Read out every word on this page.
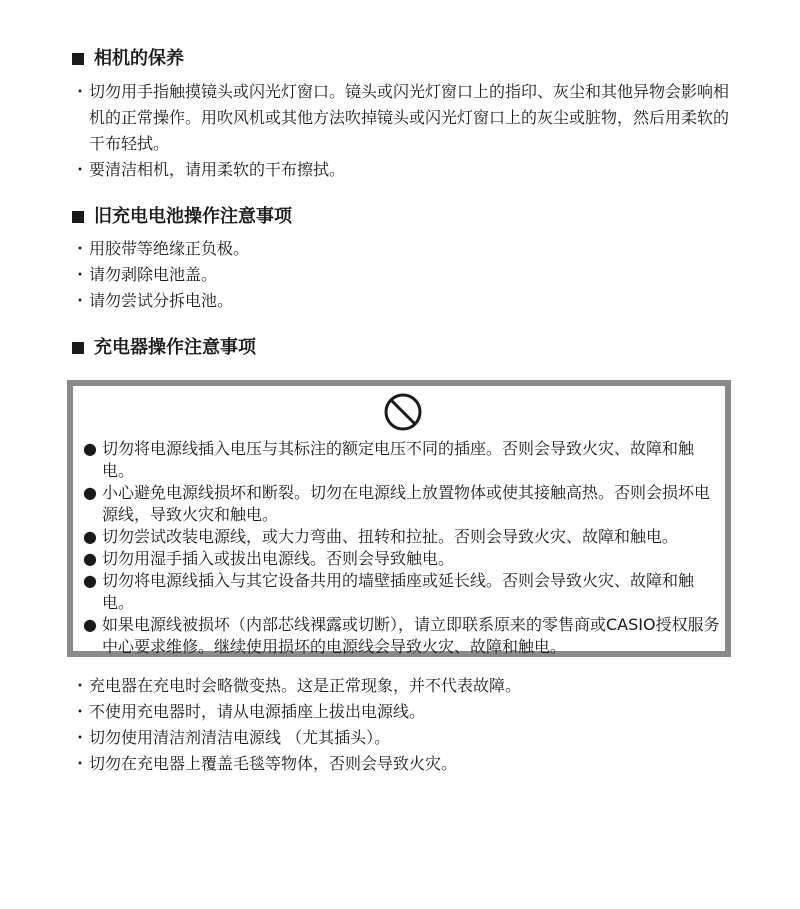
相机的保养
・ 切勿用手指触摸镜头或闪光灯窗口。镜头或闪光灯窗口上的指印、灰尘和其他异物会影响相机的正常操作。用吹风机或其他方法吹掉镜头或闪光灯窗口上的灰尘或脏物，然后用柔软的干布轻拭。
・ 要清洁相机，请用柔软的干布擦拭。
旧充电电池操作注意事项
・ 用胶带等绝缘正负极。
・ 请勿剥除电池盖。
・ 请勿尝试分拆电池。
充电器操作注意事项
● 切勿将电源线插入电压与其标注的额定电压不同的插座。否则会导致火灾、故障和触电。
● 小心避免电源线损坏和断裂。切勿在电源线上放置物体或使其接触高热。否则会损坏电源线，导致火灾和触电。
● 切勿尝试改装电源线，或大力弯曲、扭转和拉扯。否则会导致火灾、故障和触电。
● 切勿用湿手插入或拔出电源线。否则会导致触电。
● 切勿将电源线插入与其它设备共用的墙壁插座或延长线。否则会导致火灾、故障和触电。
● 如果电源线被损坏（内部芯线裸露或切断），请立即联系原来的零售商或CASIO授权服务中心要求维修。继续使用损坏的电源线会导致火灾、故障和触电。
・ 充电器在充电时会略微变热。这是正常现象，并不代表故障。
・ 不使用充电器时，请从电源插座上拔出电源线。
・ 切勿使用清洁剂清洁电源线 （尤其插头）。
・ 切勿在充电器上覆盖毛毯等物体，否则会导致火灾。
